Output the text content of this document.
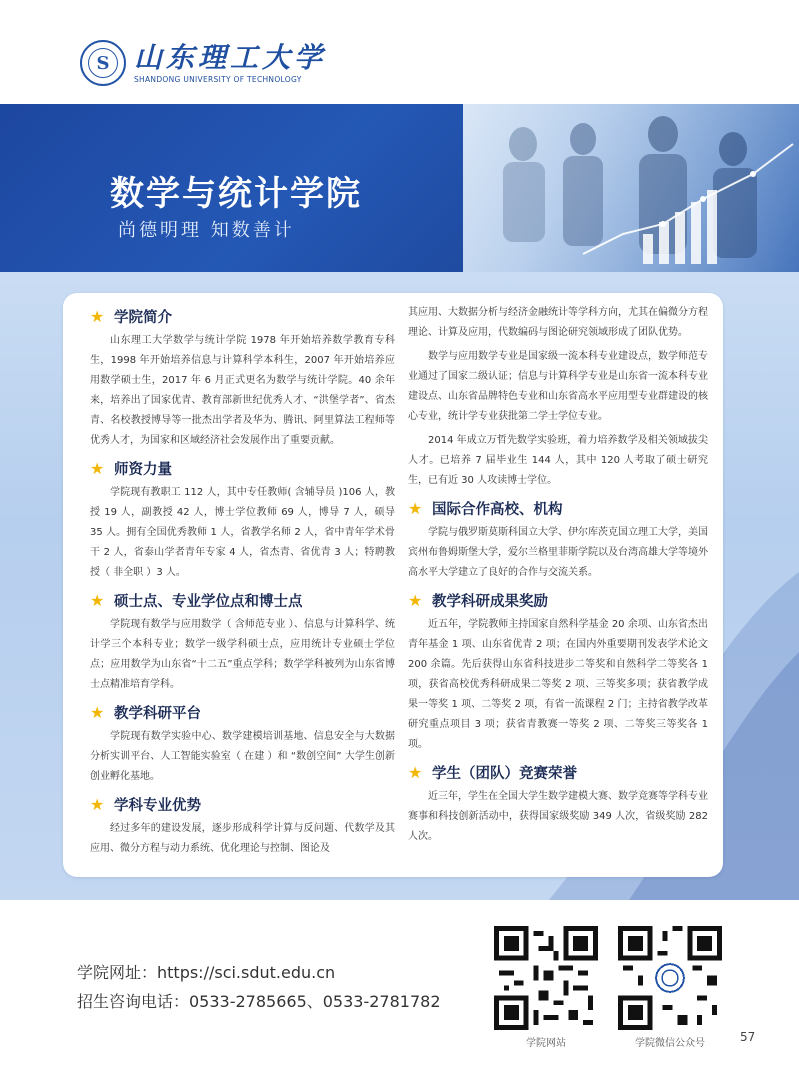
S 山东理工大学
SHANDONG UNIVERSITY OF TECHNOLOGY
数学与统计学院
尚德明理 知数善计
★ 学院简介

山东理工大学数学与统计学院 1978 年开始培养数学教育专科生，1998 年开始培养信息与计算科学本科生，2007 年开始培养应用数学硕士生，2017 年 6 月正式更名为数学与统计学院。40 余年来，培养出了国家优青、教育部新世纪优秀人才、“洪堡学者”、省杰青、名校教授博导等一批杰出学者及华为、腾讯、阿里算法工程师等优秀人才，为国家和区域经济社会发展作出了重要贡献。

★ 师资力量

学院现有教职工 112 人，其中专任教师( 含辅导员 )106 人，教授 19 人，副教授 42 人，博士学位教师 69 人，博导 7 人，硕导 35 人。拥有全国优秀教师 1 人，省教学名师 2 人，省中青年学术骨干 2 人，省泰山学者青年专家 4 人，省杰青、省优青 3 人；特聘教授（ 非全职 ）3 人。

★ 硕士点、专业学位点和博士点

学院现有数学与应用数学（ 含师范专业 ）、信息与计算科学、统计学三个本科专业；数学一级学科硕士点，应用统计专业硕士学位点；应用数学为山东省“十二五”重点学科；数学学科被列为山东省博士点精准培育学科。

★ 教学科研平台

学院现有数学实验中心、数学建模培训基地、信息安全与大数据分析实训平台、人工智能实验室（ 在建 ）和 “数创空间” 大学生创新创业孵化基地。

★ 学科专业优势

经过多年的建设发展，逐步形成科学计算与反问题、代数学及其应用、微分方程与动力系统、优化理论与控制、图论及

其应用、大数据分析与经济金融统计等学科方向，尤其在偏微分方程理论、计算及应用，代数编码与图论研究领域形成了团队优势。

数学与应用数学专业是国家级一流本科专业建设点，数学师范专业通过了国家二级认证；信息与计算科学专业是山东省一流本科专业建设点、山东省品牌特色专业和山东省高水平应用型专业群建设的核心专业，统计学专业获批第二学士学位专业。

2014 年成立万哲先数学实验班，着力培养数学及相关领域拔尖人才。已培养 7 届毕业生 144 人，其中 120 人考取了硕士研究生，已有近 30 人攻读博士学位。

★ 国际合作高校、机构

学院与俄罗斯莫斯科国立大学、伊尔库茨克国立理工大学，美国宾州布鲁姆斯堡大学，爱尔兰格里菲斯学院以及台湾高雄大学等境外高水平大学建立了良好的合作与交流关系。

★ 教学科研成果奖励

近五年，学院教师主持国家自然科学基金 20 余项、山东省杰出青年基金 1 项、山东省优青 2 项；在国内外重要期刊发表学术论文 200 余篇。先后获得山东省科技进步二等奖和自然科学二等奖各 1 项，获省高校优秀科研成果二等奖 2 项、三等奖多项；获省教学成果一等奖 1 项、二等奖 2 项，有省一流课程 2 门；主持省教学改革研究重点项目 3 项；获省青教赛一等奖 2 项、二等奖三等奖各 1 项。

★ 学生（团队）竞赛荣誉

近三年，学生在全国大学生数学建模大赛、数学竞赛等学科专业赛事和科技创新活动中，获得国家级奖励 349 人次，省级奖励 282 人次。

学院网址：https://sci.sdut.edu.cn
招生咨询电话：0533-2785665、0533-2781782
学院网站	学院微信公众号	57
